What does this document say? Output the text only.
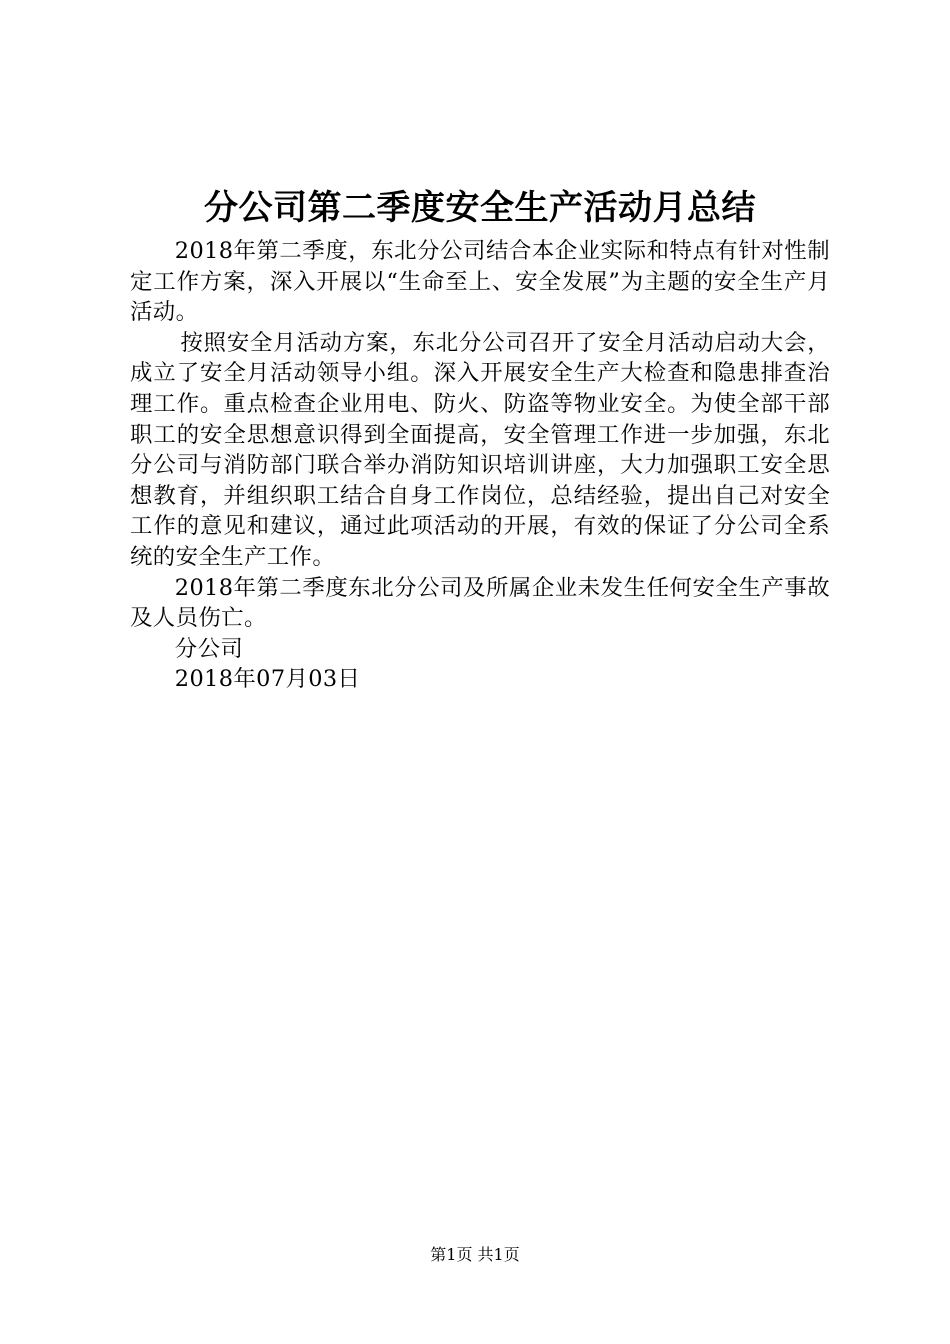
分公司第二季度安全生产活动月总结

2018年第二季度，东北分公司结合本企业实际和特点有针对性制定工作方案，深入开展以“生命至上、安全发展”为主题的安全生产月活动。

按照安全月活动方案，东北分公司召开了安全月活动启动大会，成立了安全月活动领导小组。深入开展安全生产大检查和隐患排查治理工作。重点检查企业用电、防火、防盗等物业安全。为使全部干部职工的安全思想意识得到全面提高，安全管理工作进一步加强，东北分公司与消防部门联合举办消防知识培训讲座，大力加强职工安全思想教育，并组织职工结合自身工作岗位，总结经验，提出自己对安全工作的意见和建议，通过此项活动的开展，有效的保证了分公司全系统的安全生产工作。

2018年第二季度东北分公司及所属企业未发生任何安全生产事故及人员伤亡。

分公司

2018年07月03日

第1页 共1页
